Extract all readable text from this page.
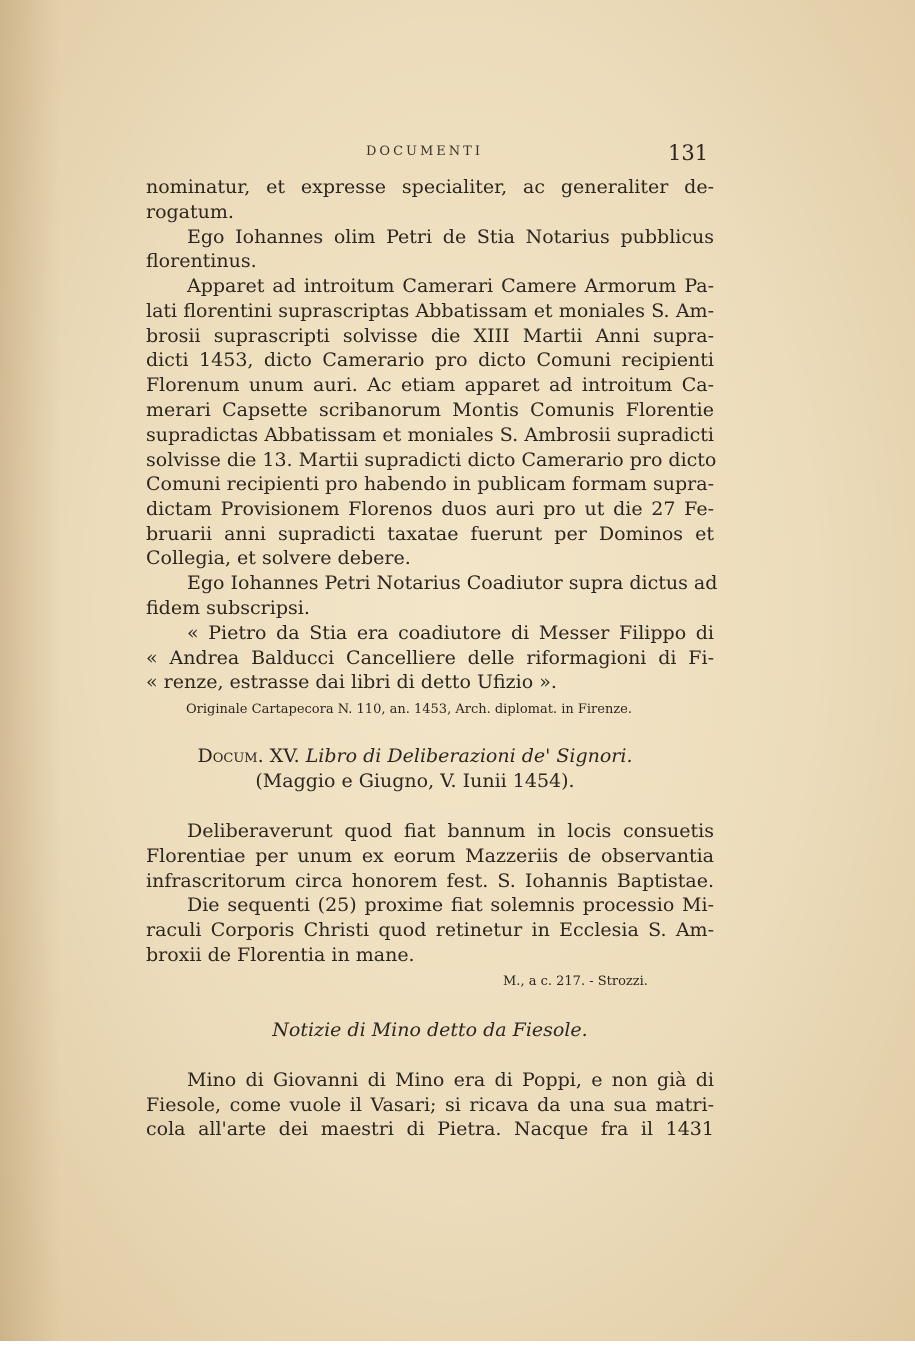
DOCUMENTI	131
nominatur, et expresse specialiter, ac generaliter de-
rogatum.
Ego Iohannes olim Petri de Stia Notarius pubblicus
florentinus.
Apparet ad introitum Camerari Camere Armorum Pa-
lati florentini suprascriptas Abbatissam et moniales S. Am-
brosii suprascripti solvisse die XIII Martii Anni supra-
dicti 1453, dicto Camerario pro dicto Comuni recipienti
Florenum unum auri. Ac etiam apparet ad introitum Ca-
merari Capsette scribanorum Montis Comunis Florentie
supradictas Abbatissam et moniales S. Ambrosii supradicti
solvisse die 13. Martii supradicti dicto Camerario pro dicto
Comuni recipienti pro habendo in publicam formam supra-
dictam Provisionem Florenos duos auri pro ut die 27 Fe-
bruarii anni supradicti taxatae fuerunt per Dominos et
Collegia, et solvere debere.
Ego Iohannes Petri Notarius Coadiutor supra dictus ad
fidem subscripsi.
« Pietro da Stia era coadiutore di Messer Filippo di
« Andrea Balducci Cancelliere delle riformagioni di Fi-
« renze, estrasse dai libri di detto Ufizio ».
Originale Cartapecora N. 110, an. 1453, Arch. diplomat. in Firenze.
Docum. XV. Libro di Deliberazioni de' Signori.
(Maggio e Giugno, V. Iunii 1454).
Deliberaverunt quod fiat bannum in locis consuetis
Florentiae per unum ex eorum Mazzeriis de observantia
infrascritorum circa honorem fest. S. Iohannis Baptistae.
Die sequenti (25) proxime fiat solemnis processio Mi-
raculi Corporis Christi quod retinetur in Ecclesia S. Am-
broxii de Florentia in mane.
M., a c. 217. - Strozzi.
Notizie di Mino detto da Fiesole.
Mino di Giovanni di Mino era di Poppi, e non già di
Fiesole, come vuole il Vasari; si ricava da una sua matri-
cola all'arte dei maestri di Pietra. Nacque fra il 1431
